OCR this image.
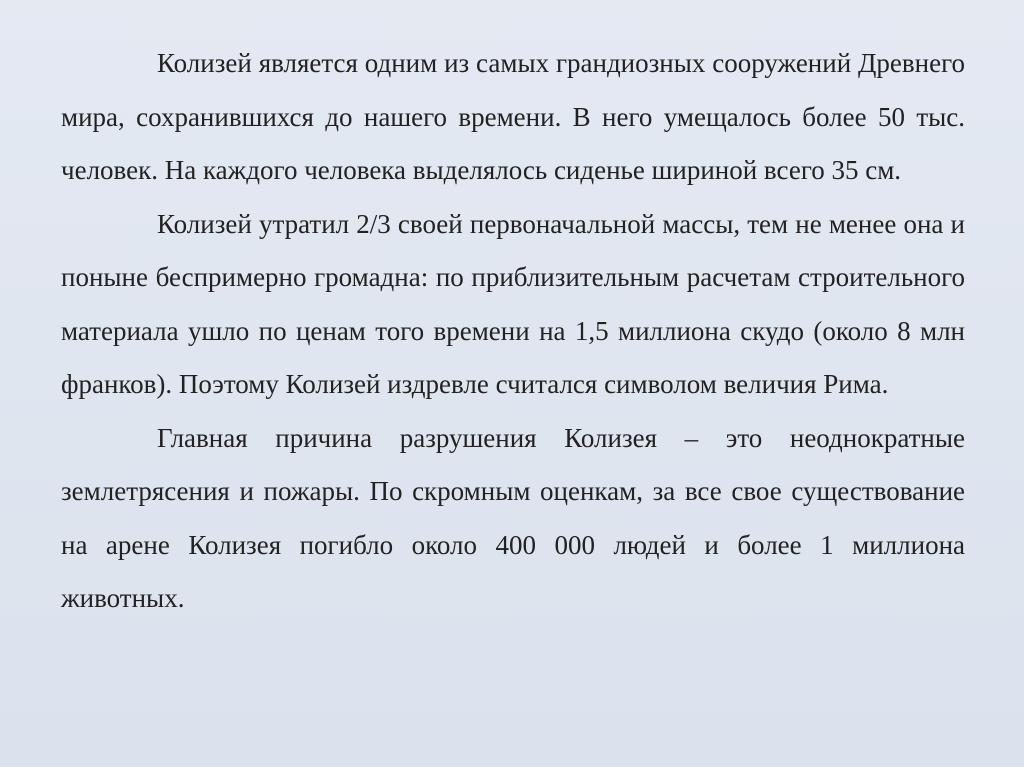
Колизей является одним из самых грандиозных сооружений Древнего мира, сохранившихся до нашего времени. В него умещалось более 50 тыс. человек. На каждого человека выделялось сиденье шириной всего 35 см.

Колизей утратил 2/3 своей первоначальной массы, тем не менее она и поныне беспримерно громадна: по приблизительным расчетам строительного материала ушло по ценам того времени на 1,5 миллиона скудо (около 8 млн франков). Поэтому Колизей издревле считался символом величия Рима.

Главная причина разрушения Колизея – это неоднократные землетрясения и пожары. По скромным оценкам, за все свое существование на арене Колизея погибло около 400 000 людей и более 1 миллиона животных.
